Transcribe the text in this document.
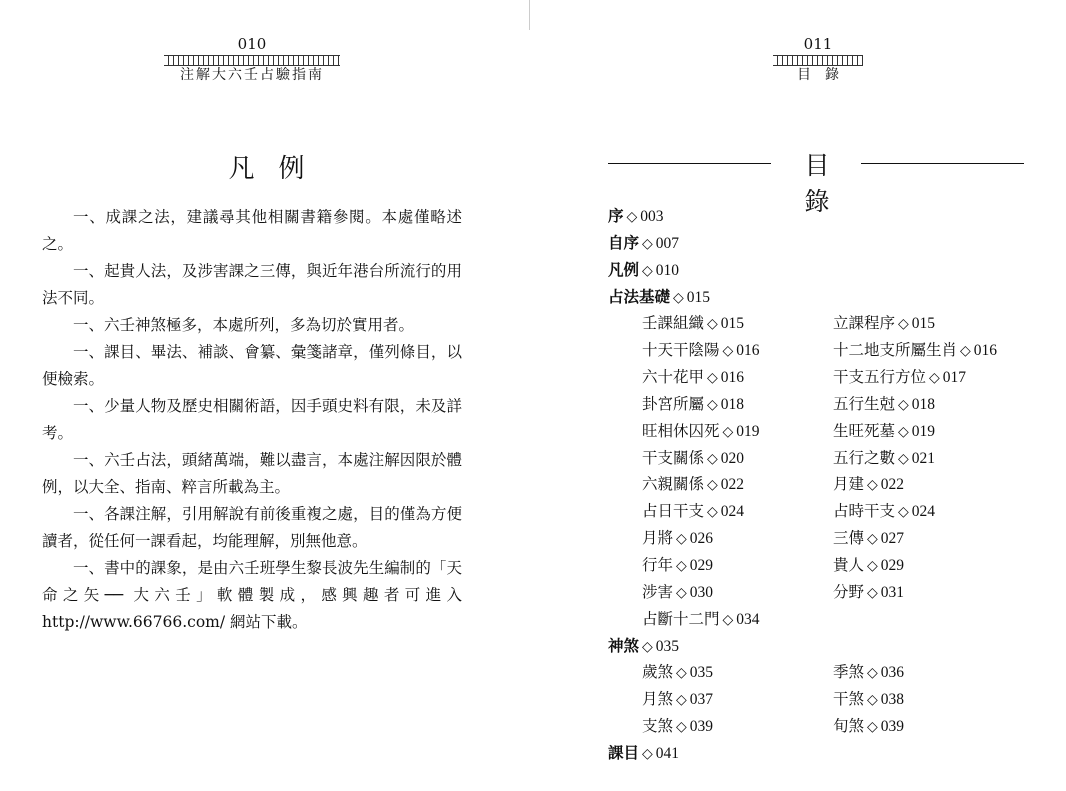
010
注解大六壬占驗指南
凡例

一、成課之法，建議尋其他相關書籍參閱。本處僅略述之。

一、起貴人法，及涉害課之三傳，與近年港台所流行的用法不同。

一、六壬神煞極多，本處所列，多為切於實用者。

一、課目、畢法、補談、會纂、彙箋諸章，僅列條目，以便檢索。

一、少量人物及歷史相關術語，因手頭史料有限，未及詳考。

一、六壬占法，頭緒萬端，難以盡言，本處注解因限於體例，以大全、指南、粹言所載為主。

一、各課注解，引用解說有前後重複之處，目的僅為方便讀者，從任何一課看起，均能理解，別無他意。

一、書中的課象，是由六壬班學生黎長波先生編制的「天命之矢── 大六壬」軟體製成，感興趣者可進入http://www.66766.com/ 網站下載。

011
目錄
目錄
序 ◇ 003
自序 ◇ 007
凡例 ◇ 010
占法基礎 ◇ 015
壬課組織 ◇ 015	立課程序 ◇ 015
十天干陰陽 ◇ 016	十二地支所屬生肖 ◇ 016
六十花甲 ◇ 016	干支五行方位 ◇ 017
卦宮所屬 ◇ 018	五行生尅 ◇ 018
旺相休囚死 ◇ 019	生旺死墓 ◇ 019
干支關係 ◇ 020	五行之數 ◇ 021
六親關係 ◇ 022	月建 ◇ 022
占日干支 ◇ 024	占時干支 ◇ 024
月將 ◇ 026	三傳 ◇ 027
行年 ◇ 029	貴人 ◇ 029
涉害 ◇ 030	分野 ◇ 031
占斷十二門 ◇ 034
神煞 ◇ 035
歲煞 ◇ 035	季煞 ◇ 036
月煞 ◇ 037	干煞 ◇ 038
支煞 ◇ 039	旬煞 ◇ 039
課目 ◇ 041
